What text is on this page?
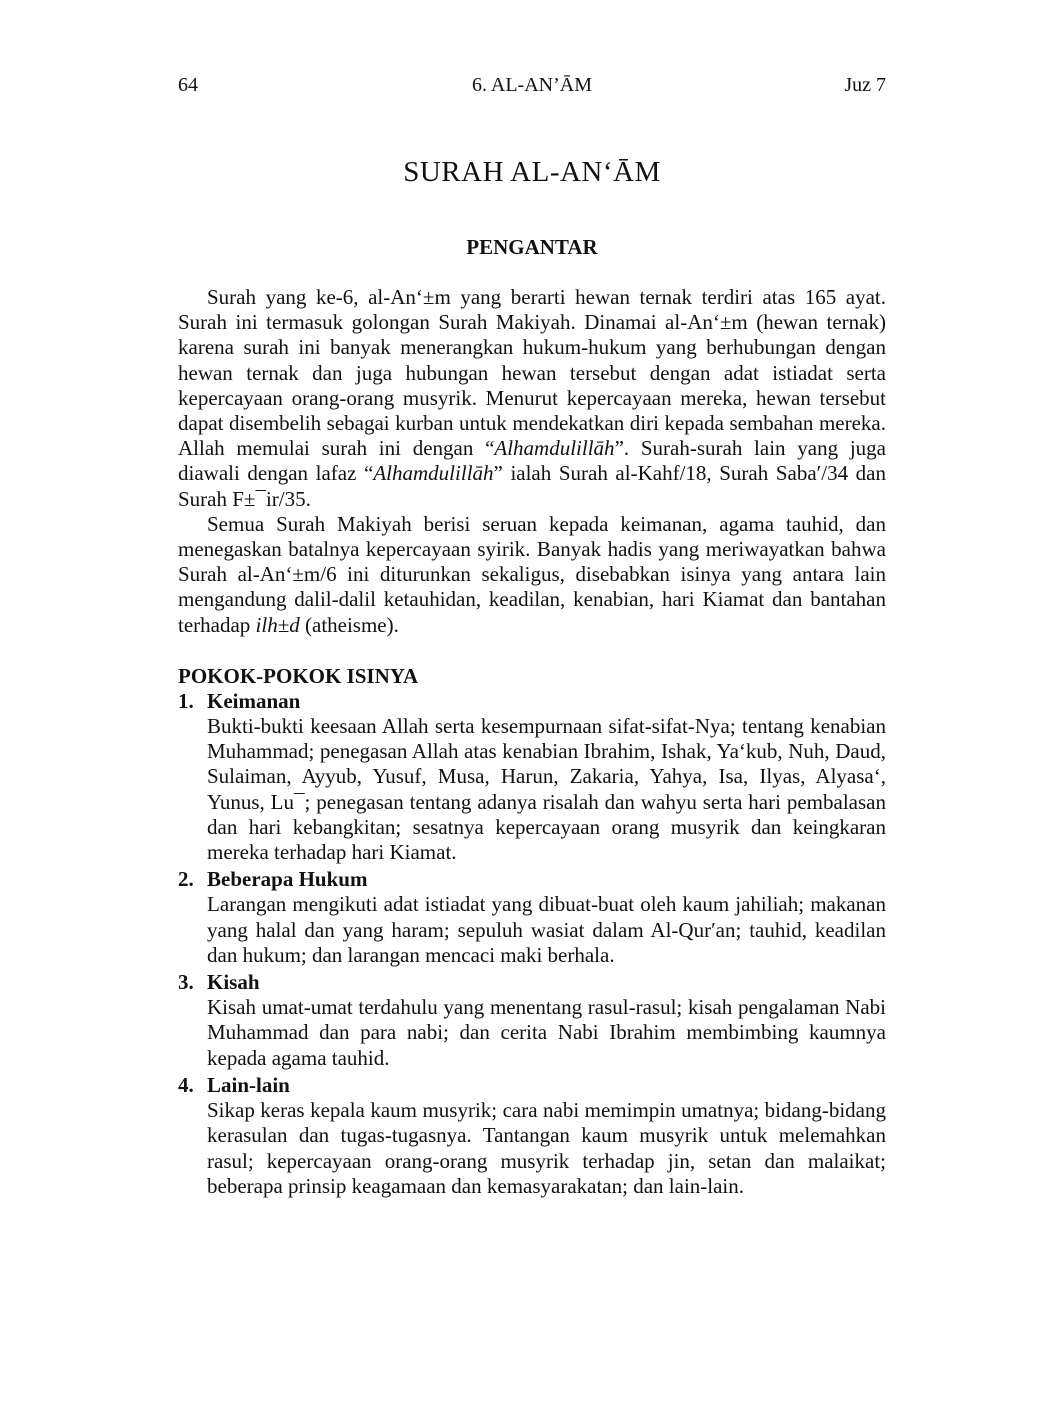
64	6. AL-AN’ĀM	Juz 7
SURAH AL-AN‘ĀM
PENGANTAR

Surah yang ke-6, al-An‘±m yang berarti hewan ternak terdiri atas 165 ayat. Surah ini termasuk golongan Surah Makiyah. Dinamai al-An‘±m (hewan ternak) karena surah ini banyak menerangkan hukum-hukum yang berhubungan dengan hewan ternak dan juga hubungan hewan tersebut dengan adat istiadat serta kepercayaan orang-orang musyrik. Menurut kepercayaan mereka, hewan tersebut dapat disembelih sebagai kurban untuk mendekatkan diri kepada sembahan mereka. Allah memulai surah ini dengan “Alhamdulillāh”. Surah-surah lain yang juga diawali dengan lafaz “Alhamdulillāh” ialah Surah al-Kahf/18, Surah Saba′/34 dan Surah F±¯ir/35.

Semua Surah Makiyah berisi seruan kepada keimanan, agama tauhid, dan menegaskan batalnya kepercayaan syirik. Banyak hadis yang meriwayatkan bahwa Surah al-An‘±m/6 ini diturunkan sekaligus, disebabkan isinya yang antara lain mengandung dalil-dalil ketauhidan, keadilan, kenabian, hari Kiamat dan bantahan terhadap ilh±d (atheisme).

POKOK-POKOK ISINYA
1. Keimanan

Bukti-bukti keesaan Allah serta kesempurnaan sifat-sifat-Nya; tentang kenabian Muhammad; penegasan Allah atas kenabian Ibrahim, Ishak, Ya‘kub, Nuh, Daud, Sulaiman, Ayyub, Yusuf, Musa, Harun, Zakaria, Yahya, Isa, Ilyas, Alyasa‘, Yunus, Lu¯; penegasan tentang adanya risalah dan wahyu serta hari pembalasan dan hari kebangkitan; sesatnya kepercayaan orang musyrik dan keingkaran mereka terhadap hari Kiamat.

2. Beberapa Hukum

Larangan mengikuti adat istiadat yang dibuat-buat oleh kaum jahiliah; makanan yang halal dan yang haram; sepuluh wasiat dalam Al-Qur′an; tauhid, keadilan dan hukum; dan larangan mencaci maki berhala.

3. Kisah

Kisah umat-umat terdahulu yang menentang rasul-rasul; kisah pengalaman Nabi Muhammad dan para nabi; dan cerita Nabi Ibrahim membimbing kaumnya kepada agama tauhid.

4. Lain-lain

Sikap keras kepala kaum musyrik; cara nabi memimpin umatnya; bidang-bidang kerasulan dan tugas-tugasnya. Tantangan kaum musyrik untuk melemahkan rasul; kepercayaan orang-orang musyrik terhadap jin, setan dan malaikat; beberapa prinsip keagamaan dan kemasyarakatan; dan lain-lain.
